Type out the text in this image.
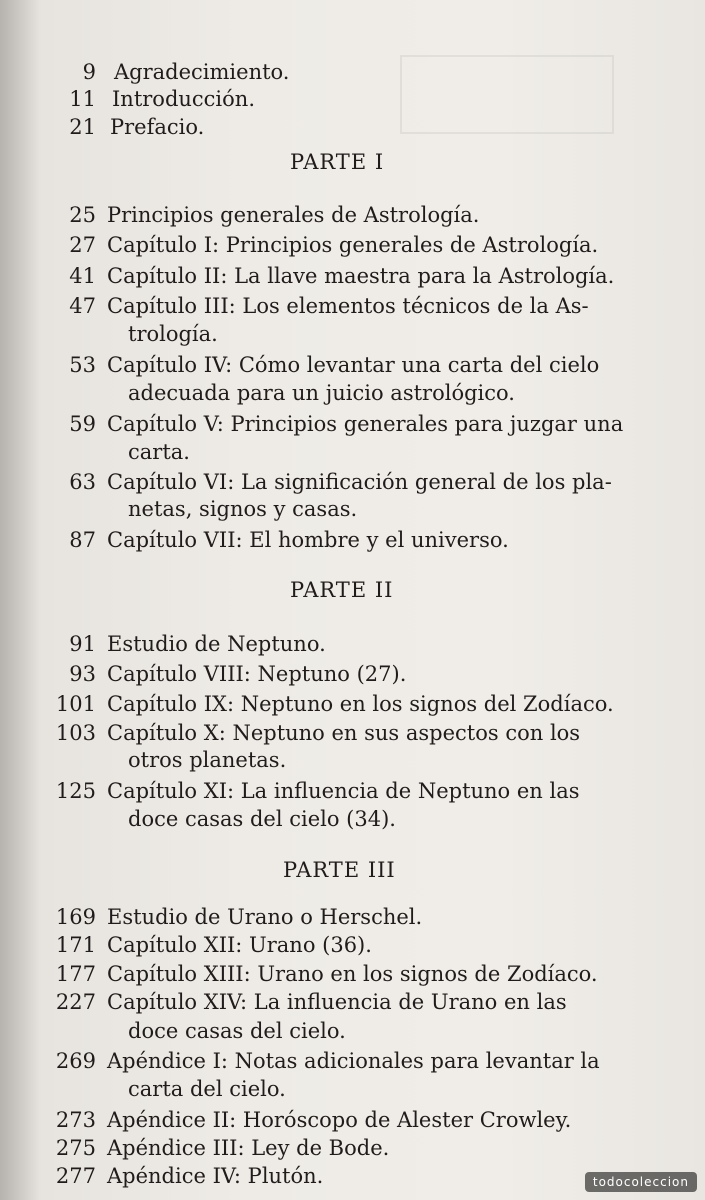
9 Agradecimiento.
11 Introducción.
21 Prefacio.
PARTE I
25 Principios generales de Astrología.
27 Capítulo I: Principios generales de Astrología.
41 Capítulo II: La llave maestra para la Astrología.
47 Capítulo III: Los elementos técnicos de la As-
trología.
53 Capítulo IV: Cómo levantar una carta del cielo
adecuada para un juicio astrológico.
59 Capítulo V: Principios generales para juzgar una
carta.
63 Capítulo VI: La significación general de los pla-
netas, signos y casas.
87 Capítulo VII: El hombre y el universo.
PARTE II
91 Estudio de Neptuno.
93 Capítulo VIII: Neptuno (27).
101 Capítulo IX: Neptuno en los signos del Zodíaco.
103 Capítulo X: Neptuno en sus aspectos con los
otros planetas.
125 Capítulo XI: La influencia de Neptuno en las
doce casas del cielo (34).
PARTE III
169 Estudio de Urano o Herschel.
171 Capítulo XII: Urano (36).
177 Capítulo XIII: Urano en los signos de Zodíaco.
227 Capítulo XIV: La influencia de Urano en las
doce casas del cielo.
269 Apéndice I: Notas adicionales para levantar la
carta del cielo.
273 Apéndice II: Horóscopo de Alester Crowley.
275 Apéndice III: Ley de Bode.
277 Apéndice IV: Plutón.	todocoleccion
